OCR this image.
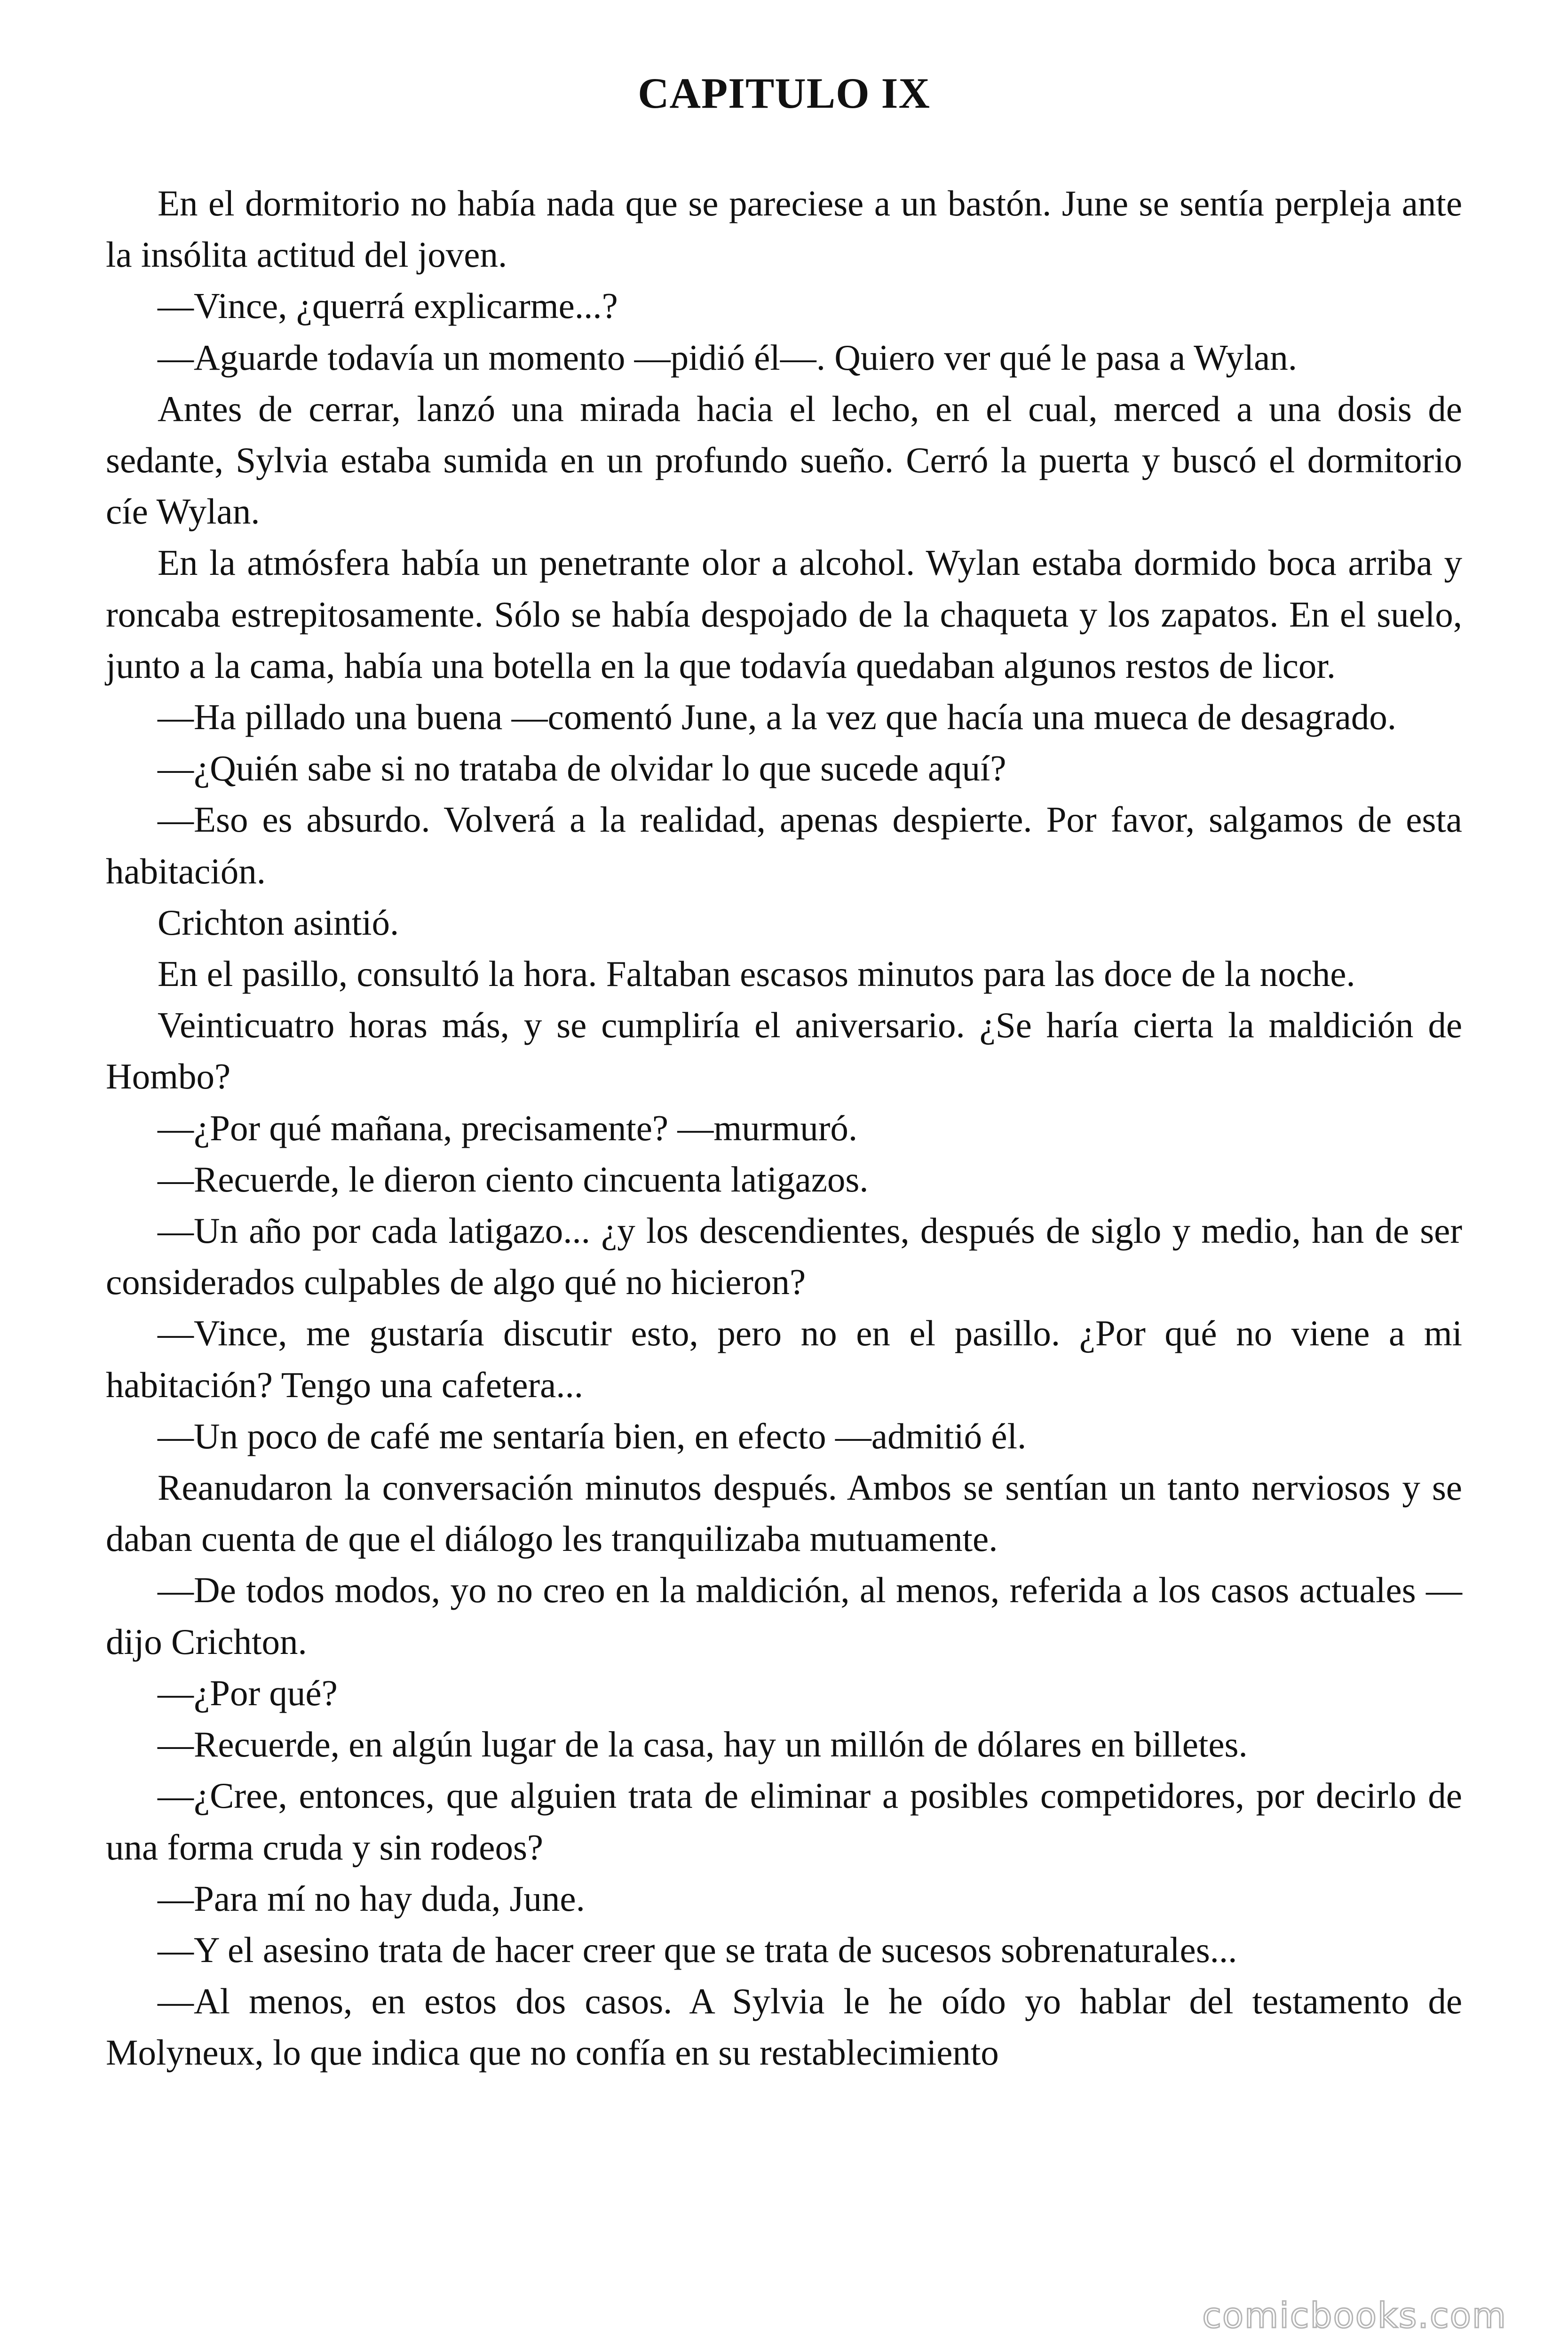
CAPITULO IX

En el dormitorio no había nada que se pareciese a un bastón. June se sentía perpleja ante la insólita actitud del joven.

—Vince, ¿querrá explicarme...?

—Aguarde todavía un momento —pidió él—. Quiero ver qué le pasa a Wylan.

Antes de cerrar, lanzó una mirada hacia el lecho, en el cual, merced a una dosis de sedante, Sylvia estaba sumida en un profundo sueño. Cerró la puerta y buscó el dormitorio cíe Wylan.

En la atmósfera había un penetrante olor a alcohol. Wylan estaba dormido boca arriba y roncaba estrepitosamente. Sólo se había despojado de la chaqueta y los zapatos. En el suelo, junto a la cama, había una botella en la que todavía quedaban algunos restos de licor.

—Ha pillado una buena —comentó June, a la vez que hacía una mueca de desagrado.

—¿Quién sabe si no trataba de olvidar lo que sucede aquí?

—Eso es absurdo. Volverá a la realidad, apenas despierte. Por favor, salgamos de esta habitación.

Crichton asintió.

En el pasillo, consultó la hora. Faltaban escasos minutos para las doce de la noche.

Veinticuatro horas más, y se cumpliría el aniversario. ¿Se haría cierta la maldición de Hombo?

—¿Por qué mañana, precisamente? —murmuró.

—Recuerde, le dieron ciento cincuenta latigazos.

—Un año por cada latigazo... ¿y los descendientes, después de siglo y medio, han de ser considerados culpables de algo qué no hicieron?

—Vince, me gustaría discutir esto, pero no en el pasillo. ¿Por qué no viene a mi habitación? Tengo una cafetera...

—Un poco de café me sentaría bien, en efecto —admitió él.

Reanudaron la conversación minutos después. Ambos se sentían un tanto nerviosos y se daban cuenta de que el diálogo les tranquilizaba mutuamente.

—De todos modos, yo no creo en la maldición, al menos, referida a los casos actuales —dijo Crichton.

—¿Por qué?

—Recuerde, en algún lugar de la casa, hay un millón de dólares en billetes.

—¿Cree, entonces, que alguien trata de eliminar a posibles competidores, por decirlo de una forma cruda y sin rodeos?

—Para mí no hay duda, June.

—Y el asesino trata de hacer creer que se trata de sucesos sobrenaturales...

—Al menos, en estos dos casos. A Sylvia le he oído yo hablar del testamento de Molyneux, lo que indica que no confía en su restablecimiento

comicbooks.com
